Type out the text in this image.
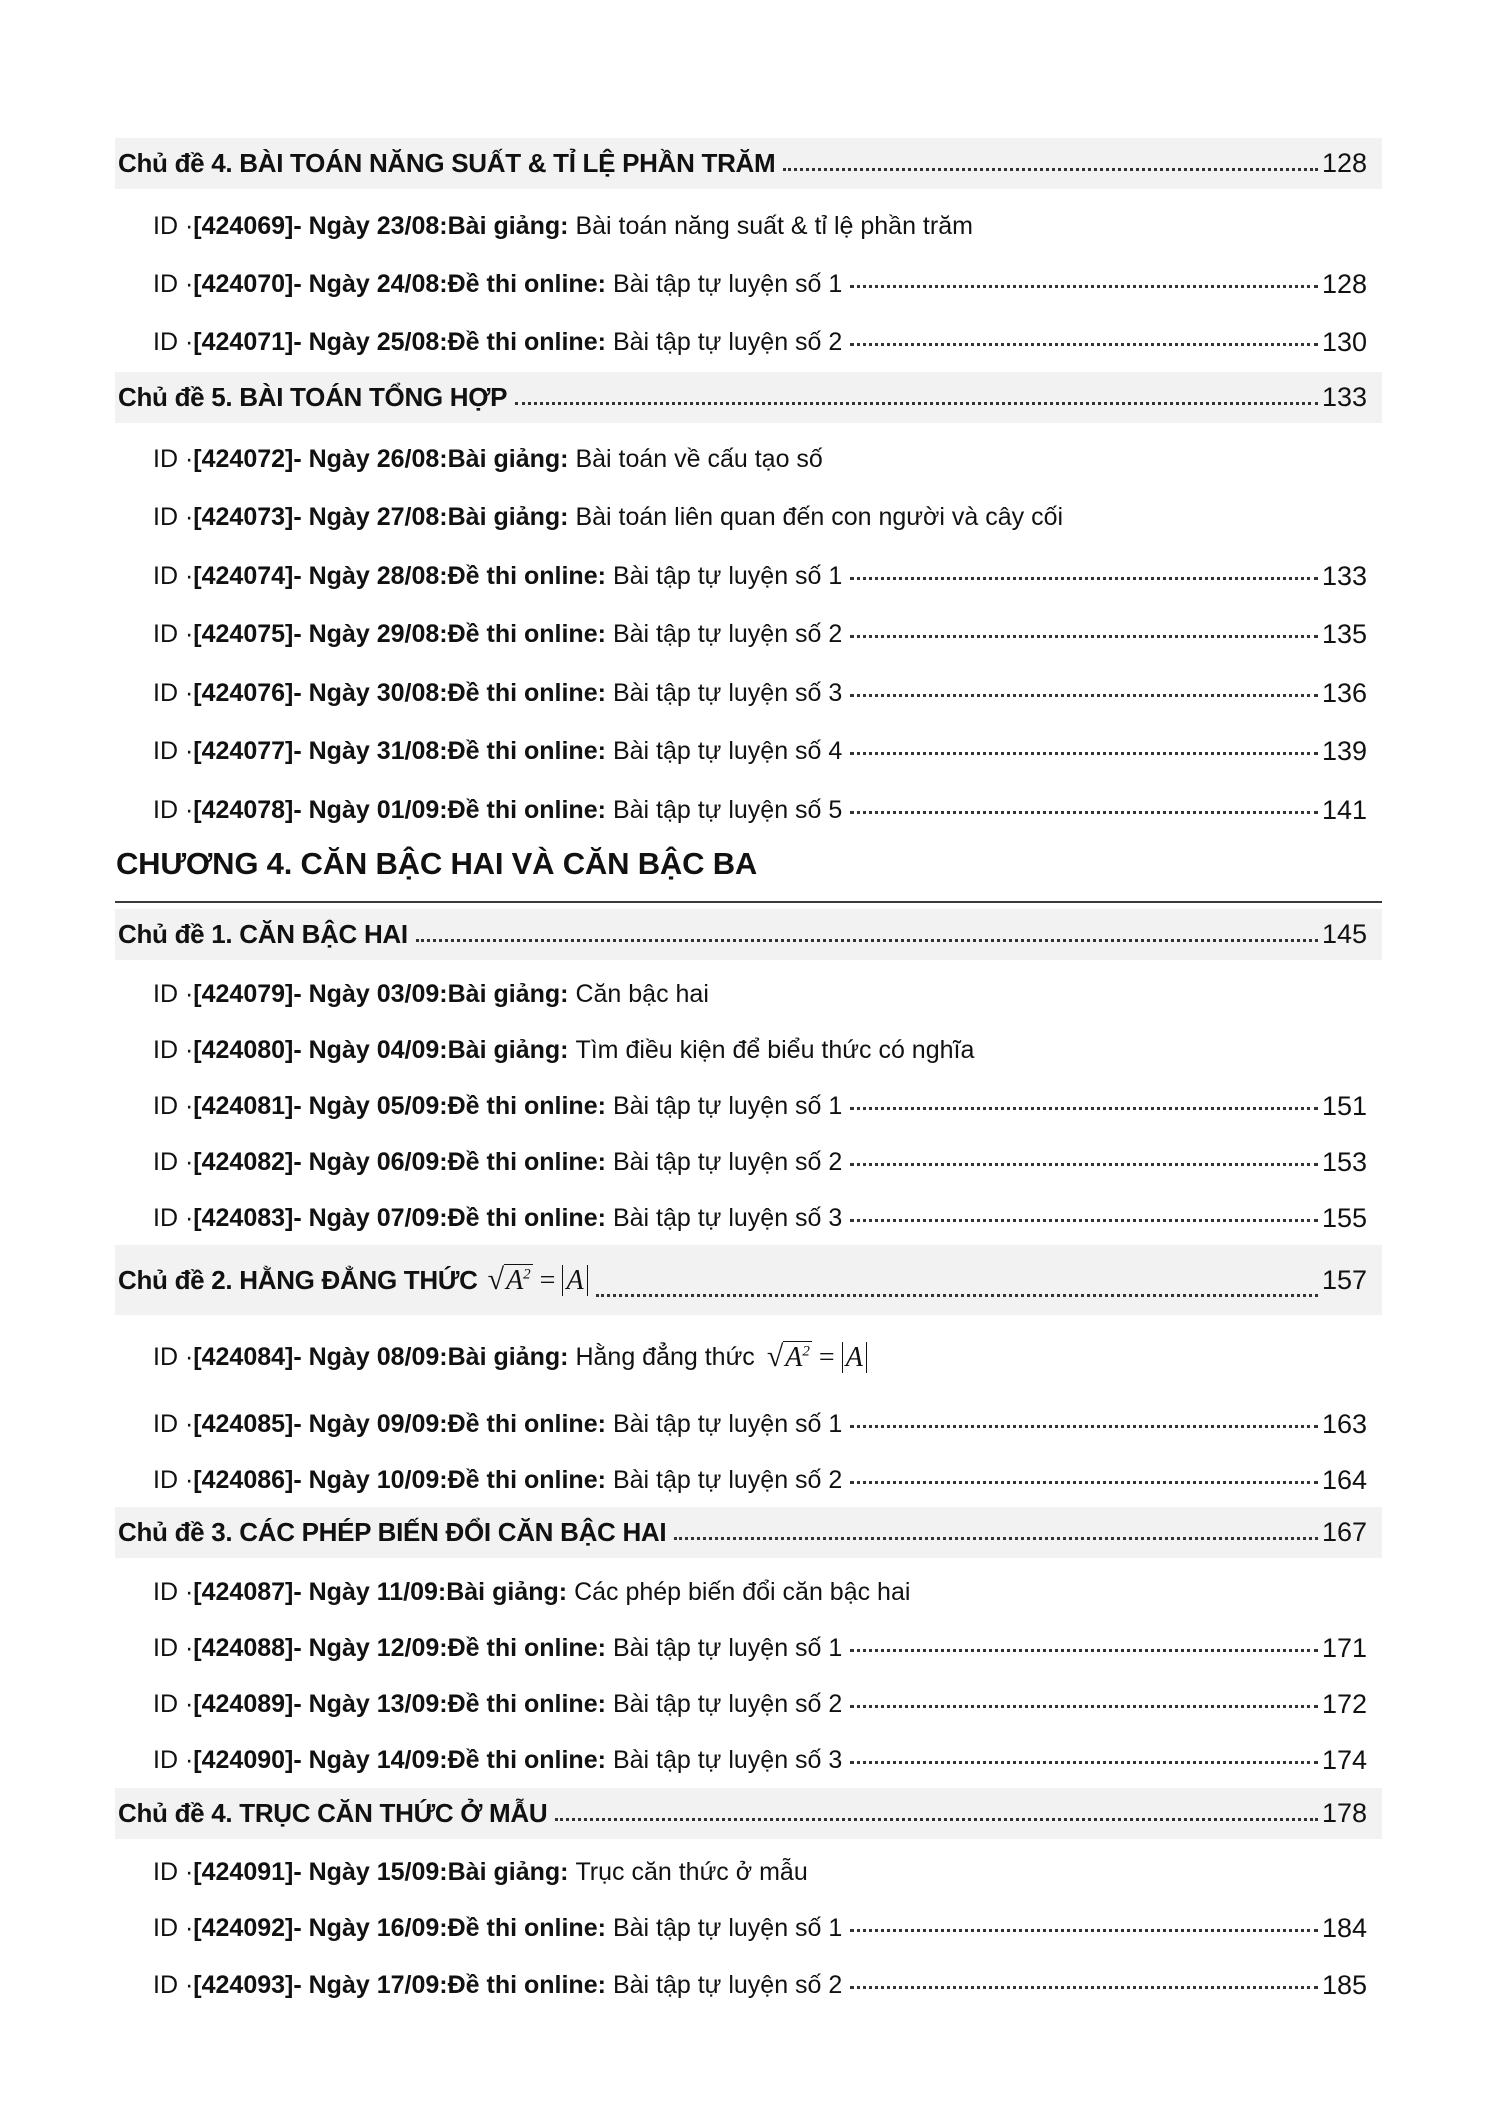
Chủ đề 4. BÀI TOÁN NĂNG SUẤT & TỈ LỆ PHẦN TRĂM	128
ID · [424069] - Ngày 23/08: Bài giảng: Bài toán năng suất & tỉ lệ phần trăm
ID · [424070] - Ngày 24/08: Đề thi online: Bài tập tự luyện số 1	128
ID · [424071] - Ngày 25/08: Đề thi online: Bài tập tự luyện số 2	130
Chủ đề 5. BÀI TOÁN TỔNG HỢP	133
ID · [424072] - Ngày 26/08: Bài giảng: Bài toán về cấu tạo số
ID · [424073] - Ngày 27/08: Bài giảng: Bài toán liên quan đến con người và cây cối
ID · [424074] - Ngày 28/08: Đề thi online: Bài tập tự luyện số 1	133
ID · [424075] - Ngày 29/08: Đề thi online: Bài tập tự luyện số 2	135
ID · [424076] - Ngày 30/08: Đề thi online: Bài tập tự luyện số 3	136
ID · [424077] - Ngày 31/08: Đề thi online: Bài tập tự luyện số 4	139
ID · [424078] - Ngày 01/09: Đề thi online: Bài tập tự luyện số 5	141
CHƯƠNG 4. CĂN BẬC HAI VÀ CĂN BẬC BA
Chủ đề 1. CĂN BẬC HAI	145
ID · [424079] - Ngày 03/09: Bài giảng: Căn bậc hai
ID · [424080] - Ngày 04/09: Bài giảng: Tìm điều kiện để biểu thức có nghĩa
ID · [424081] - Ngày 05/09: Đề thi online: Bài tập tự luyện số 1	151
ID · [424082] - Ngày 06/09: Đề thi online: Bài tập tự luyện số 2	153
ID · [424083] - Ngày 07/09: Đề thi online: Bài tập tự luyện số 3	155
Chủ đề 2. HẰNG ĐẲNG THỨC $√A^2 = A$	157
ID · [424084] - Ngày 08/09: Bài giảng: Hằng đẳng thức $√A^2 = A$
ID · [424085] - Ngày 09/09: Đề thi online: Bài tập tự luyện số 1	163
ID · [424086] - Ngày 10/09: Đề thi online: Bài tập tự luyện số 2	164
Chủ đề 3. CÁC PHÉP BIẾN ĐỔI CĂN BẬC HAI	167
ID · [424087] - Ngày 11/09: Bài giảng: Các phép biến đổi căn bậc hai
ID · [424088] - Ngày 12/09: Đề thi online: Bài tập tự luyện số 1	171
ID · [424089] - Ngày 13/09: Đề thi online: Bài tập tự luyện số 2	172
ID · [424090] - Ngày 14/09: Đề thi online: Bài tập tự luyện số 3	174
Chủ đề 4. TRỤC CĂN THỨC Ở MẪU	178
ID · [424091] - Ngày 15/09: Bài giảng: Trục căn thức ở mẫu
ID · [424092] - Ngày 16/09: Đề thi online: Bài tập tự luyện số 1	184
ID · [424093] - Ngày 17/09: Đề thi online: Bài tập tự luyện số 2	185
